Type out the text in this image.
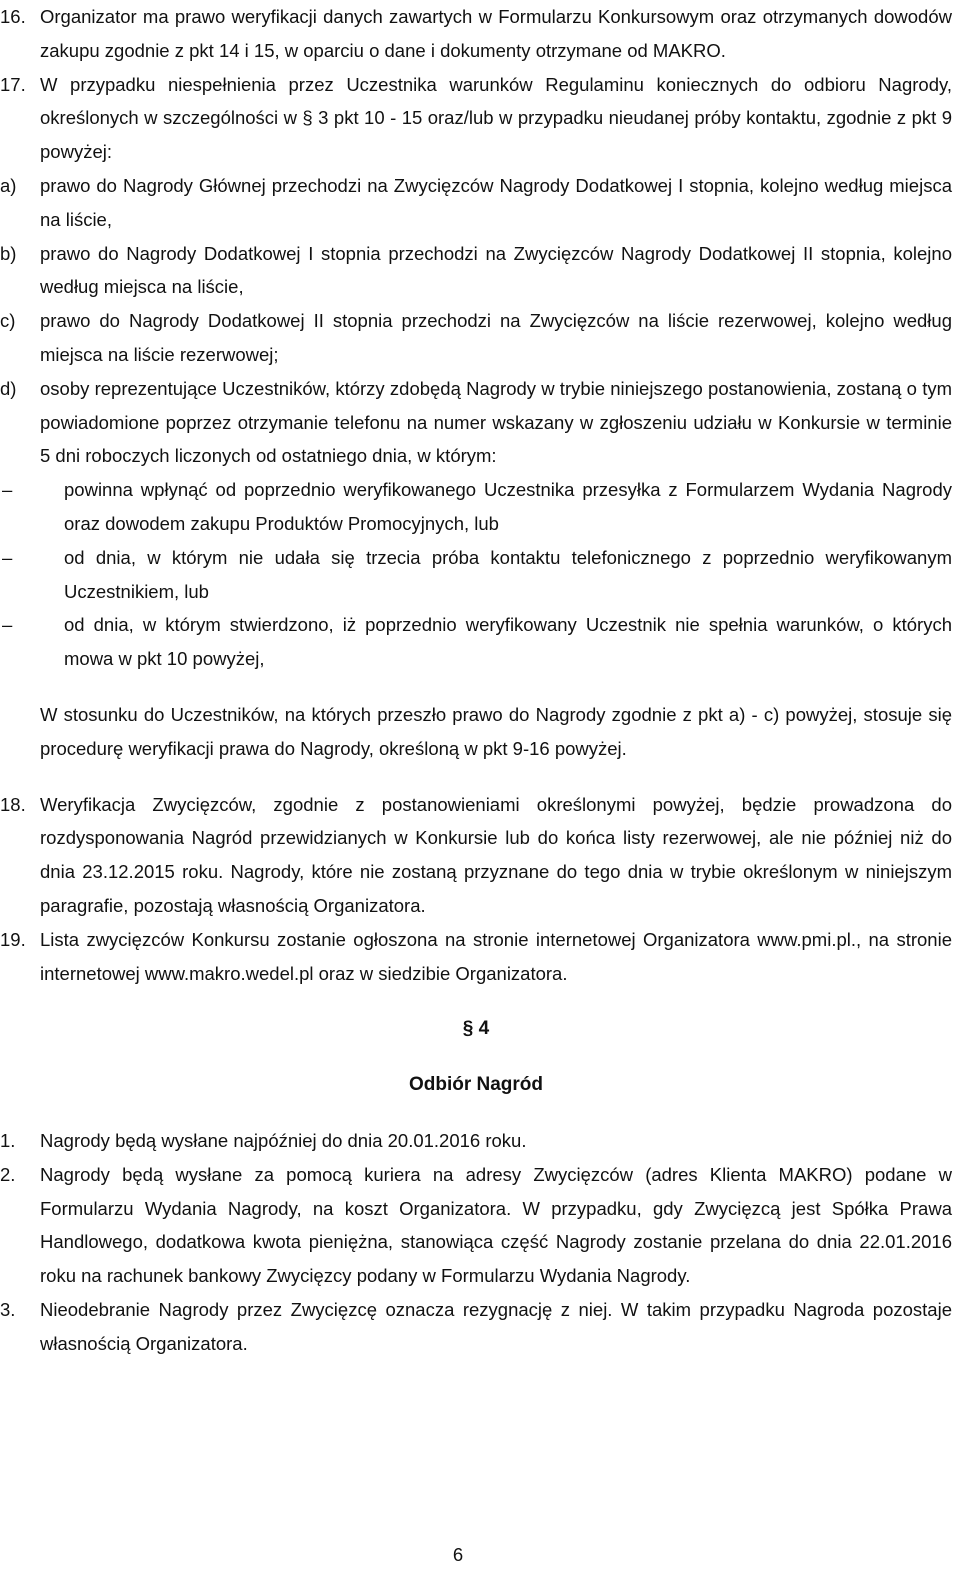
16. Organizator ma prawo weryfikacji danych zawartych w Formularzu Konkursowym oraz otrzymanych dowodów zakupu zgodnie z pkt 14 i 15, w oparciu o dane i dokumenty otrzymane od MAKRO.
17. W przypadku niespełnienia przez Uczestnika warunków Regulaminu koniecznych do odbioru Nagrody, określonych w szczególności w § 3 pkt 10 - 15 oraz/lub w przypadku nieudanej próby kontaktu, zgodnie z pkt 9 powyżej:
a) prawo do Nagrody Głównej przechodzi na Zwycięzców Nagrody Dodatkowej I stopnia, kolejno według miejsca na liście,
b) prawo do Nagrody Dodatkowej I stopnia przechodzi na Zwycięzców Nagrody Dodatkowej II stopnia, kolejno według miejsca na liście,
c) prawo do Nagrody Dodatkowej II stopnia przechodzi na Zwycięzców na liście rezerwowej, kolejno według miejsca na liście rezerwowej;
d) osoby reprezentujące Uczestników, którzy zdobędą Nagrody w trybie niniejszego postanowienia, zostaną o tym powiadomione poprzez otrzymanie telefonu na numer wskazany w zgłoszeniu udziału w Konkursie w terminie 5 dni roboczych liczonych od ostatniego dnia, w którym:
–	powinna wpłynąć od poprzednio weryfikowanego Uczestnika przesyłka z Formularzem Wydania Nagrody oraz dowodem zakupu Produktów Promocyjnych, lub
–	od dnia, w którym nie udała się trzecia próba kontaktu telefonicznego z poprzednio weryfikowanym Uczestnikiem, lub
–	od dnia, w którym stwierdzono, iż poprzednio weryfikowany Uczestnik nie spełnia warunków, o których mowa w pkt 10 powyżej,
W stosunku do Uczestników, na których przeszło prawo do Nagrody zgodnie z pkt a) - c) powyżej, stosuje się procedurę weryfikacji prawa do Nagrody, określoną w pkt 9-16 powyżej.
18. Weryfikacja Zwycięzców, zgodnie z postanowieniami określonymi powyżej, będzie prowadzona do rozdysponowania Nagród przewidzianych w Konkursie lub do końca listy rezerwowej, ale nie później niż do dnia 23.12.2015 roku. Nagrody, które nie zostaną przyznane do tego dnia w trybie określonym w niniejszym paragrafie, pozostają własnością Organizatora.
19. Lista zwycięzców Konkursu zostanie ogłoszona na stronie internetowej Organizatora www.pmi.pl., na stronie internetowej www.makro.wedel.pl oraz w siedzibie Organizatora.
§ 4
Odbiór Nagród
1. Nagrody będą wysłane najpóźniej do dnia 20.01.2016 roku.
2. Nagrody będą wysłane za pomocą kuriera na adresy Zwycięzców (adres Klienta MAKRO) podane w Formularzu Wydania Nagrody, na koszt Organizatora. W przypadku, gdy Zwycięzcą jest Spółka Prawa Handlowego, dodatkowa kwota pieniężna, stanowiąca część Nagrody zostanie przelana do dnia 22.01.2016 roku na rachunek bankowy Zwycięzcy podany w Formularzu Wydania Nagrody.
3. Nieodebranie Nagrody przez Zwycięzcę oznacza rezygnację z niej. W takim przypadku Nagroda pozostaje własnością Organizatora.
6
